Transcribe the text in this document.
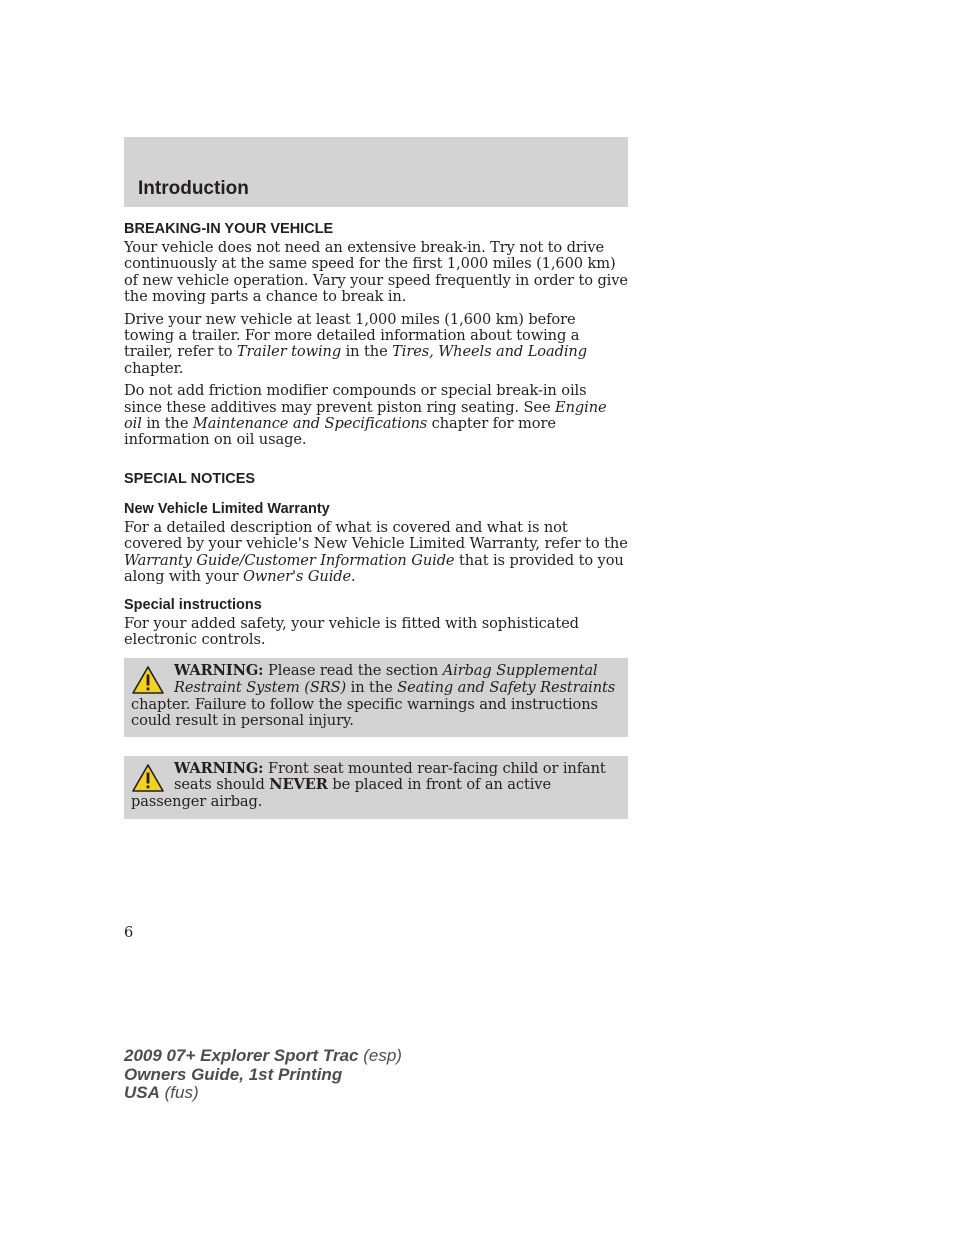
Introduction
BREAKING-IN YOUR VEHICLE

Your vehicle does not need an extensive break-in. Try not to drive continuously at the same speed for the first 1,000 miles (1,600 km) of new vehicle operation. Vary your speed frequently in order to give the moving parts a chance to break in.

Drive your new vehicle at least 1,000 miles (1,600 km) before towing a trailer. For more detailed information about towing a trailer, refer to Trailer towing in the Tires, Wheels and Loading chapter.

Do not add friction modifier compounds or special break-in oils since these additives may prevent piston ring seating. See Engine oil in the Maintenance and Specifications chapter for more information on oil usage.

SPECIAL NOTICES
New Vehicle Limited Warranty

For a detailed description of what is covered and what is not covered by your vehicle's New Vehicle Limited Warranty, refer to the Warranty Guide/Customer Information Guide that is provided to you along with your Owner's Guide.

Special instructions

For your added safety, your vehicle is fitted with sophisticated electronic controls.

WARNING: Please read the section Airbag Supplemental Restraint System (SRS) in the Seating and Safety Restraints chapter. Failure to follow the specific warnings and instructions could result in personal injury.

WARNING: Front seat mounted rear-facing child or infant seats should NEVER be placed in front of an active passenger airbag.

6
2009 07+ Explorer Sport Trac (esp)
Owners Guide, 1st Printing
USA (fus)
